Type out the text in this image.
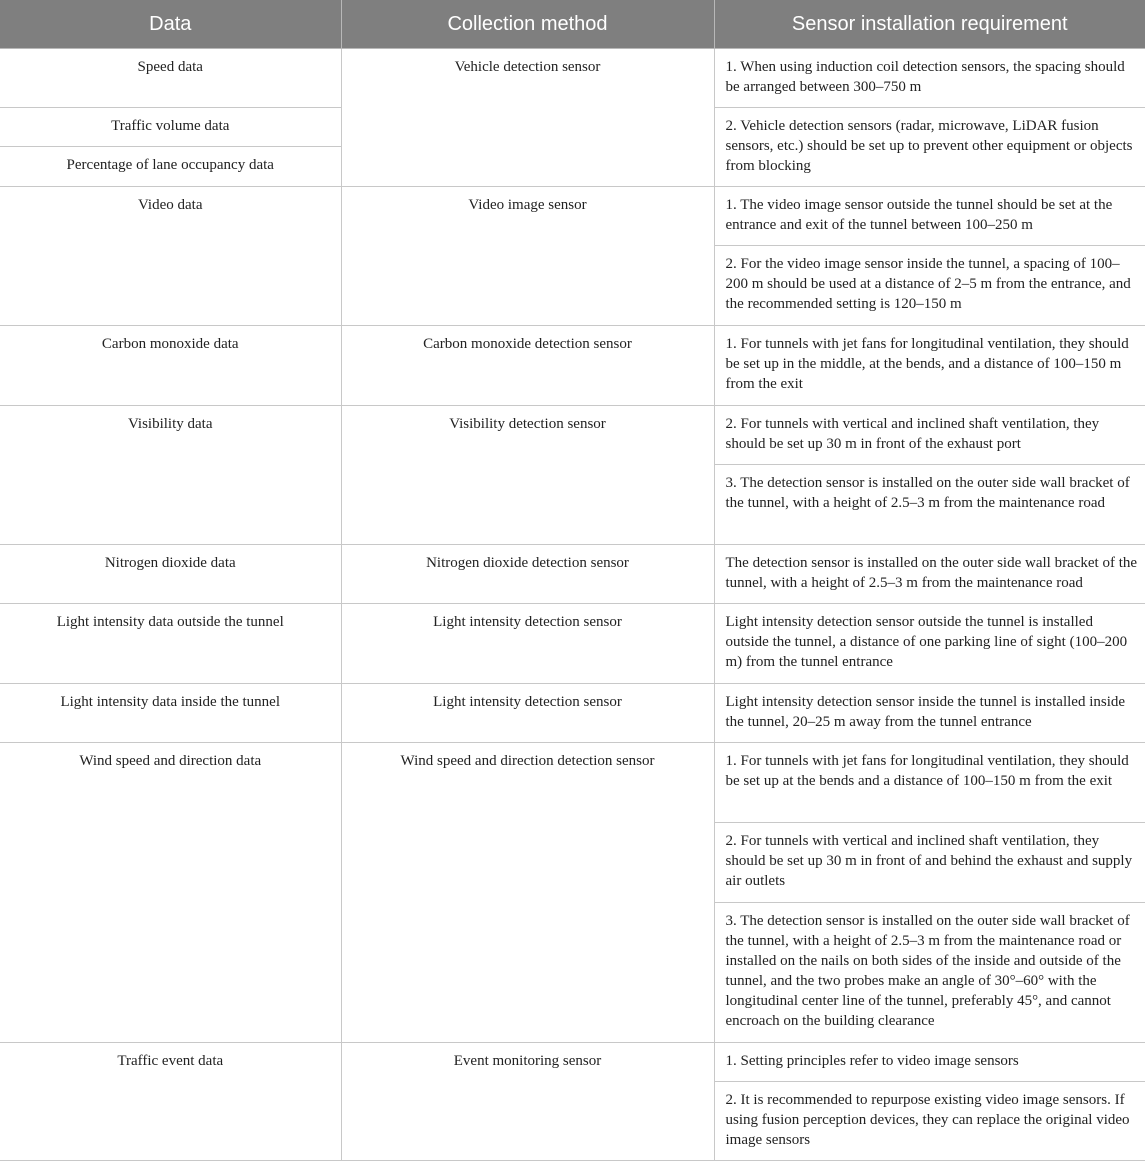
Data	Collection method	Sensor installation requirement
Speed data	Vehicle detection sensor	1. When using induction coil detection sensors, the spacing should be arranged between 300–750 m
Traffic volume data		2. Vehicle detection sensors (radar, microwave, LiDAR fusion sensors, etc.) should be set up to prevent other equipment or objects from blocking
Percentage of lane occupancy data		
Video data	Video image sensor	1. The video image sensor outside the tunnel should be set at the entrance and exit of the tunnel between 100–250 m
		2. For the video image sensor inside the tunnel, a spacing of 100–200 m should be used at a distance of 2–5 m from the entrance, and the recommended setting is 120–150 m
Carbon monoxide data	Carbon monoxide detection sensor	1. For tunnels with jet fans for longitudinal ventilation, they should be set up in the middle, at the bends, and a distance of 100–150 m from the exit
Visibility data	Visibility detection sensor	2. For tunnels with vertical and inclined shaft ventilation, they should be set up 30 m in front of the exhaust port
		3. The detection sensor is installed on the outer side wall bracket of the tunnel, with a height of 2.5–3 m from the maintenance road
Nitrogen dioxide data	Nitrogen dioxide detection sensor	The detection sensor is installed on the outer side wall bracket of the tunnel, with a height of 2.5–3 m from the maintenance road
Light intensity data outside the tunnel	Light intensity detection sensor	Light intensity detection sensor outside the tunnel is installed outside the tunnel, a distance of one parking line of sight (100–200 m) from the tunnel entrance
Light intensity data inside the tunnel	Light intensity detection sensor	Light intensity detection sensor inside the tunnel is installed inside the tunnel, 20–25 m away from the tunnel entrance
Wind speed and direction data	Wind speed and direction detection sensor	1. For tunnels with jet fans for longitudinal ventilation, they should be set up at the bends and a distance of 100–150 m from the exit
		2. For tunnels with vertical and inclined shaft ventilation, they should be set up 30 m in front of and behind the exhaust and supply air outlets
		3. The detection sensor is installed on the outer side wall bracket of the tunnel, with a height of 2.5–3 m from the maintenance road or installed on the nails on both sides of the inside and outside of the tunnel, and the two probes make an angle of 30°–60° with the longitudinal center line of the tunnel, preferably 45°, and cannot encroach on the building clearance
Traffic event data	Event monitoring sensor	1. Setting principles refer to video image sensors
		2. It is recommended to repurpose existing video image sensors. If using fusion perception devices, they can replace the original video image sensors
